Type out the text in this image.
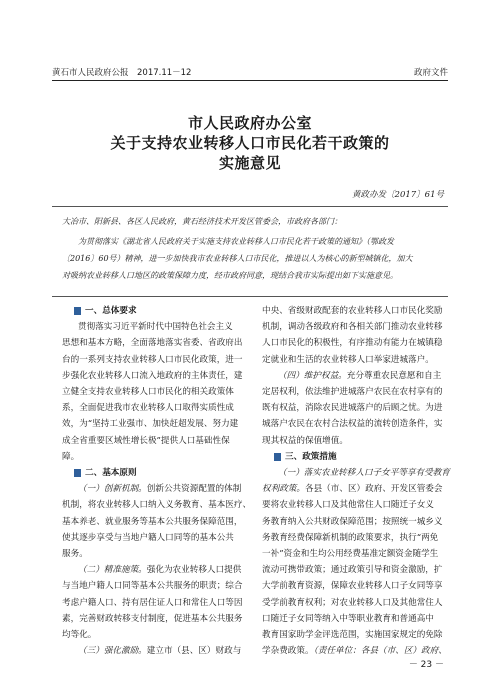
黄石市人民政府公报　2017.11－12	政府文件
市人民政府办公室
关于支持农业转移人口市民化若干政策的
实施意见
黄政办发〔2017〕61号
大冶市、阳新县、各区人民政府，黄石经济技术开发区管委会，市政府各部门：
为贯彻落实《湖北省人民政府关于实施支持农业转移人口市民化若干政策的通知》（鄂政发
〔2016〕60号）精神，进一步加快我市农业转移人口市民化，推进以人为核心的新型城镇化，加大
对吸纳农业转移人口地区的政策保障力度，经市政府同意，现结合我市实际提出如下实施意见。
一、总体要求
贯彻落实习近平新时代中国特色社会主义
思想和基本方略，全面落地落实省委、省政府出
台的一系列支持农业转移人口市民化政策，进一
步强化农业转移人口流入地政府的主体责任，建
立健全支持农业转移人口市民化的相关政策体
系，全面促进我市农业转移人口取得实质性成
效，为“坚持工业强市、加快赶超发展、努力建
成全省重要区域性增长极”提供人口基础性保
障。
二、基本原则
（一）创新机制。创新公共资源配置的体制
机制，将农业转移人口纳入义务教育、基本医疗、
基本养老、就业服务等基本公共服务保障范围，
使其逐步享受与当地户籍人口同等的基本公共
服务。
（二）精准施策。强化为农业转移人口提供
与当地户籍人口同等基本公共服务的职责；综合
考虑户籍人口、持有居住证人口和常住人口等因
素，完善财政转移支付制度，促进基本公共服务
均等化。
（三）强化激励。建立市（县、区）财政与
中央、省级财政配套的农业转移人口市民化奖励
机制，调动各级政府和各相关部门推动农业转移
人口市民化的积极性，有序推动有能力在城镇稳
定就业和生活的农业转移人口举家进城落户。
（四）维护权益。充分尊重农民意愿和自主
定居权利，依法维护进城落户农民在农村享有的
既有权益，消除农民进城落户的后顾之忧。为进
城落户农民在农村合法权益的流转创造条件，实
现其权益的保值增值。
三、政策措施
（一）落实农业转移人口子女平等享有受教育
权利政策。各县（市、区）政府、开发区管委会
要将农业转移人口及其他常住人口随迁子女义
务教育纳入公共财政保障范围；按照统一城乡义
务教育经费保障新机制的政策要求，执行“两免
一补”资金和生均公用经费基准定额资金随学生
流动可携带政策；通过政策引导和资金激励，扩
大学前教育资源，保障农业转移人口子女同等享
受学前教育权利；对农业转移人口及其他常住人
口随迁子女同等纳入中等职业教育和普通高中
教育国家助学金评选范围，实施国家规定的免除
学杂费政策。（责任单位：各县（市、区）政府、
－ 23 －
